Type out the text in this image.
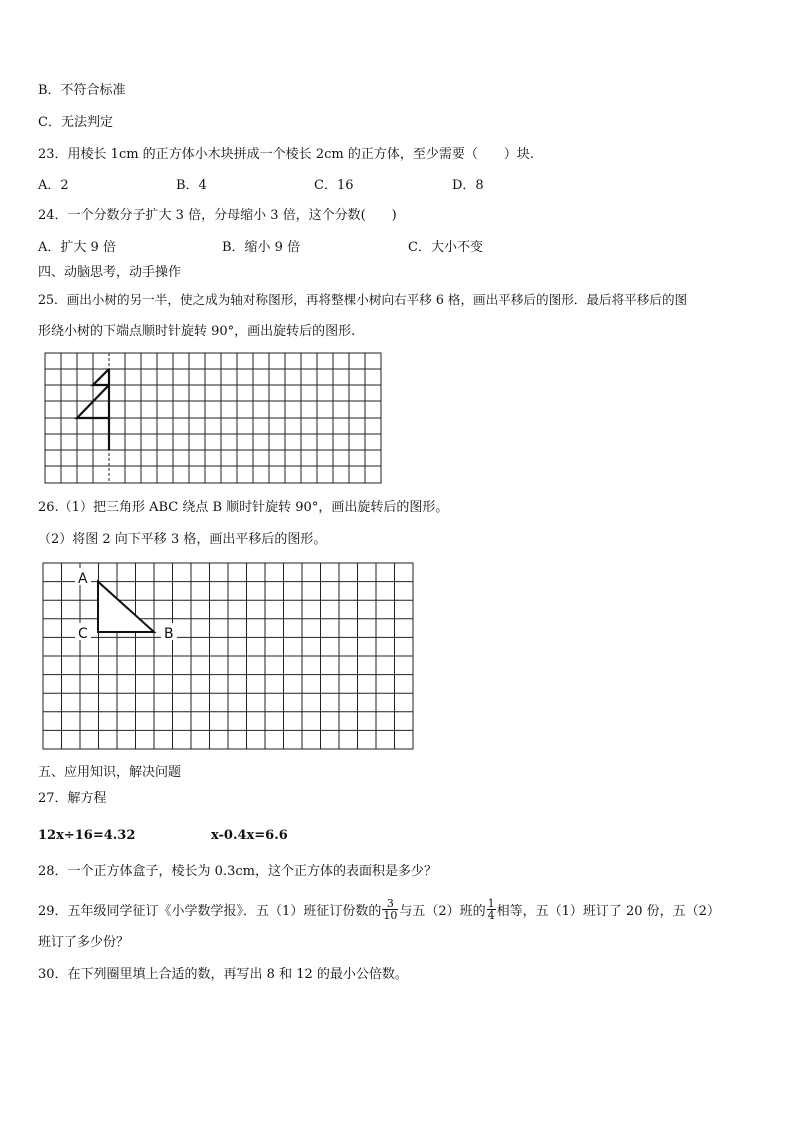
B．不符合标准
C．无法判定
23．用棱长 1cm 的正方体小木块拼成一个棱长 2cm 的正方体，至少需要（　　）块.
A．2	B．4	C．16	D．8
24．一个分数分子扩大 3 倍，分母缩小 3 倍，这个分数(　　)
A．扩大 9 倍	B．缩小 9 倍	C．大小不变
四、动脑思考，动手操作
25．画出小树的另一半，使之成为轴对称图形，再将整棵小树向右平移 6 格，画出平移后的图形．最后将平移后的图
形绕小树的下端点顺时针旋转 90°，画出旋转后的图形.
26.（1）把三角形 ABC 绕点 B 顺时针旋转 90°，画出旋转后的图形。
（2）将图 2 向下平移 3 格，画出平移后的图形。
A
C	B
五、应用知识，解决问题
27．解方程
12x÷16=4.32	x-0.4x=6.6
28．一个正方体盒子，棱长为 0.3cm，这个正方体的表面积是多少？
29．五年级同学征订《小学数学报》．五（1）班征订份数的 $\frac{3}{10}$ 与五（2）班的 $\frac{1}{4}$ 相等，五（1）班订了 20 份，五（2）
班订了多少份？
30．在下列圈里填上合适的数，再写出 8 和 12 的最小公倍数。
